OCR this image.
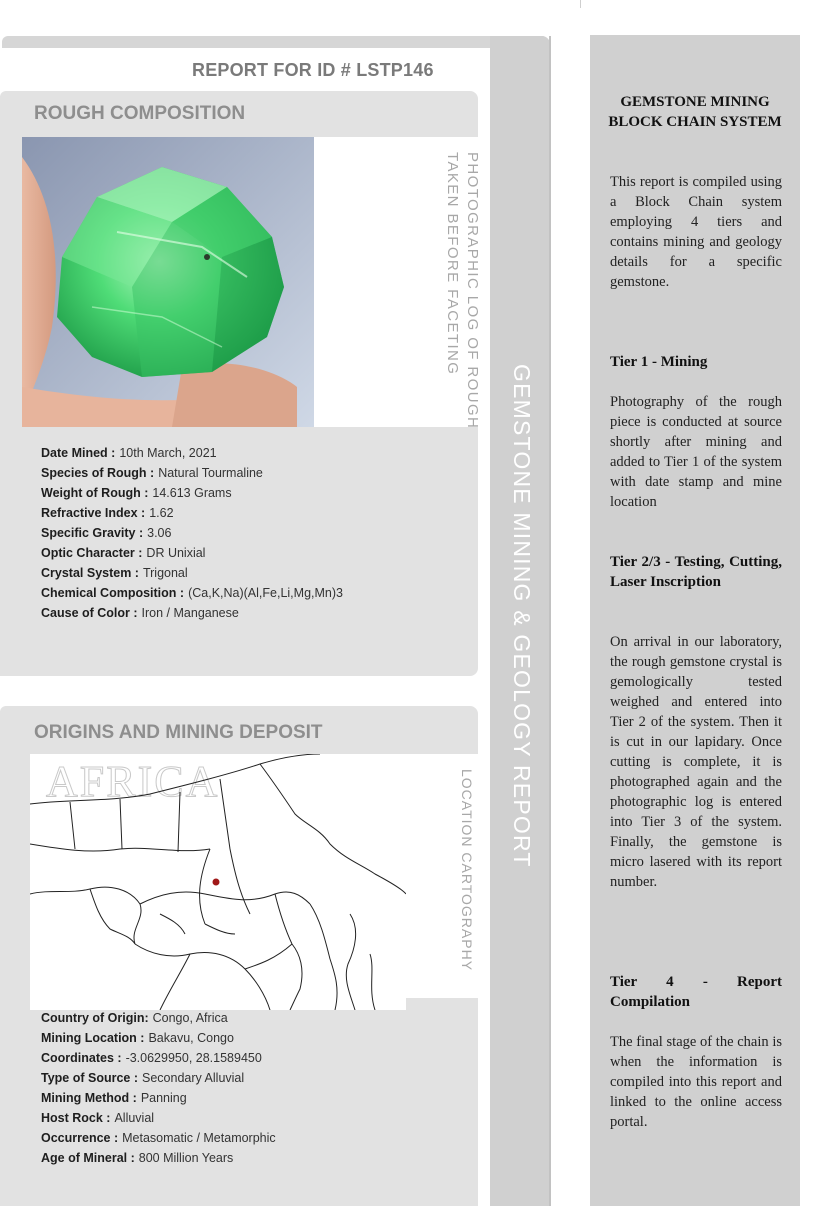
REPORT FOR ID # LSTP146
ROUGH COMPOSITION
PHOTOGRAPHIC LOG OF ROUGH
TAKEN BEFORE FACETING
Date Mined : 10th March, 2021
Species of Rough : Natural Tourmaline
Weight of Rough : 14.613 Grams
Refractive Index : 1.62
Specific Gravity : 3.06
Optic Character : DR Unixial
Crystal System : Trigonal
Chemical Composition : (Ca,K,Na)(Al,Fe,Li,Mg,Mn)3
Cause of Color : Iron / Manganese
ORIGINS AND MINING DEPOSIT
AFRICA	LOCATION CARTOGRAPHY
Country of Origin: Congo, Africa
Mining Location : Bakavu, Congo
Coordinates : -3.0629950, 28.1589450
Type of Source : Secondary Alluvial
Mining Method : Panning
Host Rock : Alluvial
Occurrence : Metasomatic / Metamorphic
Age of Mineral : 800 Million Years
GEMSTONE MINING & GEOLOGY REPORT
GEMSTONE MINING BLOCK CHAIN SYSTEM
This report is compiled using a Block Chain system employing 4 tiers and contains mining and geology details for a specific gemstone.
Tier 1 - Mining
Photography of the rough piece is conducted at source shortly after mining and added to Tier 1 of the system with date stamp and mine location
Tier 2/3 - Testing, Cutting, Laser Inscription
On arrival in our laboratory, the rough gemstone crystal is gemologically tested weighed and entered into Tier 2 of the system. Then it is cut in our lapidary. Once cutting is complete, it is photographed again and the photographic log is entered into Tier 3 of the system. Finally, the gemstone is micro lasered with its report number.
Tier 4 - Report Compilation
The final stage of the chain is when the information is compiled into this report and linked to the online access portal.
